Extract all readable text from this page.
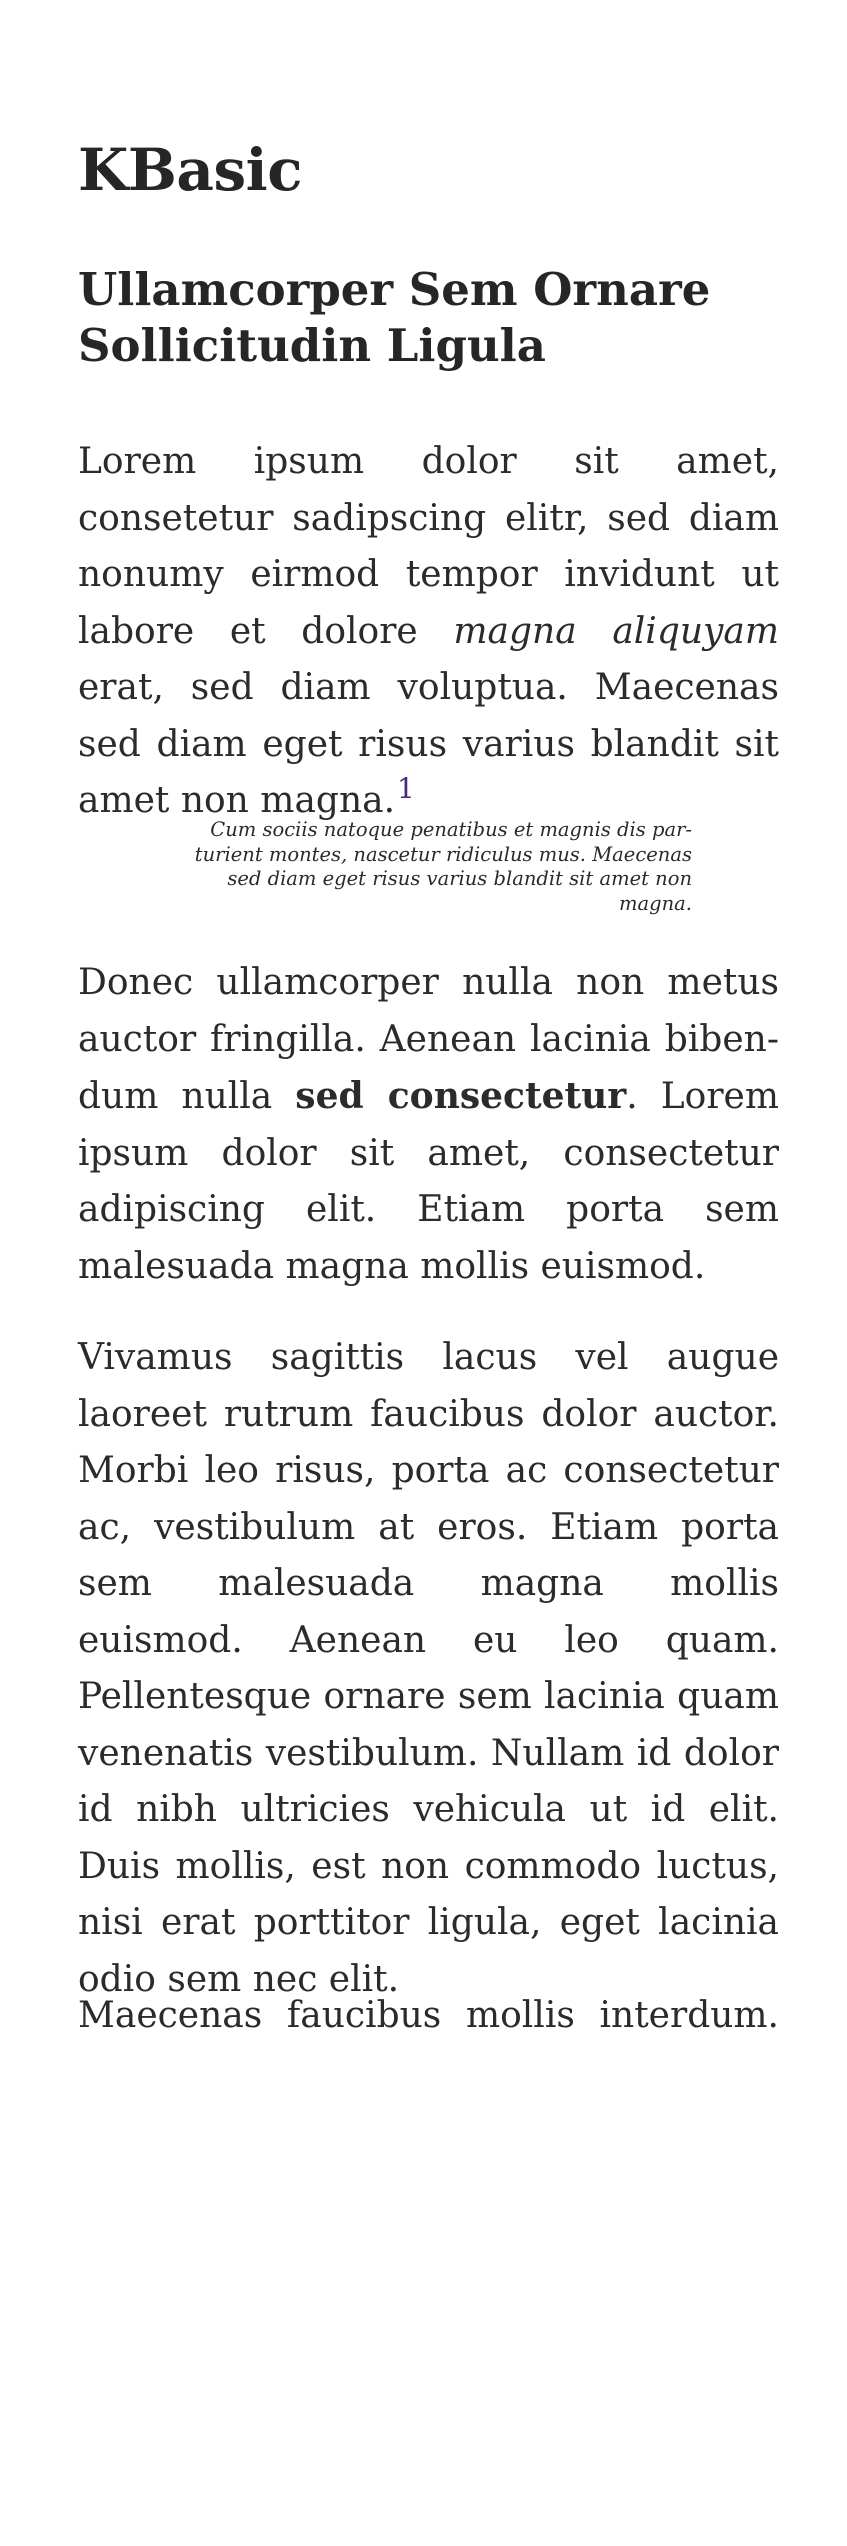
KBasic
Ullamcorper Sem Ornare Sollicitudin Ligula

Lorem ipsum dolor sit amet, consetetur sadipscing elitr, sed diam nonumy eirmod tempor invidunt ut labore et dolore magna aliquyam erat, sed diam voluptua. Maecenas sed diam eget risus varius blandit sit amet non magna.$^1$

Cum sociis natoque penatibus et magnis dis parturient montes, nascetur ridiculus mus. Maecenas sed diam eget risus varius blandit sit amet non magna.

Donec ullamcorper nulla non metus auctor fringilla. Aenean lacinia bibendum nulla sed consectetur. Lorem ipsum dolor sit amet, consectetur adipiscing elit. Etiam porta sem malesuada magna mollis euismod.

Vivamus sagittis lacus vel augue laoreet rutrum faucibus dolor auctor. Morbi leo risus, porta ac consectetur ac, vestibulum at eros. Etiam porta sem malesuada magna mollis euismod. Aenean eu leo quam. Pellentesque ornare sem lacinia quam venenatis vestibulum. Nullam id dolor id nibh ultricies vehicula ut id elit. Duis mollis, est non commodo luctus, nisi erat porttitor ligula, eget lacinia odio sem nec elit.

Maecenas faucibus mollis interdum.
